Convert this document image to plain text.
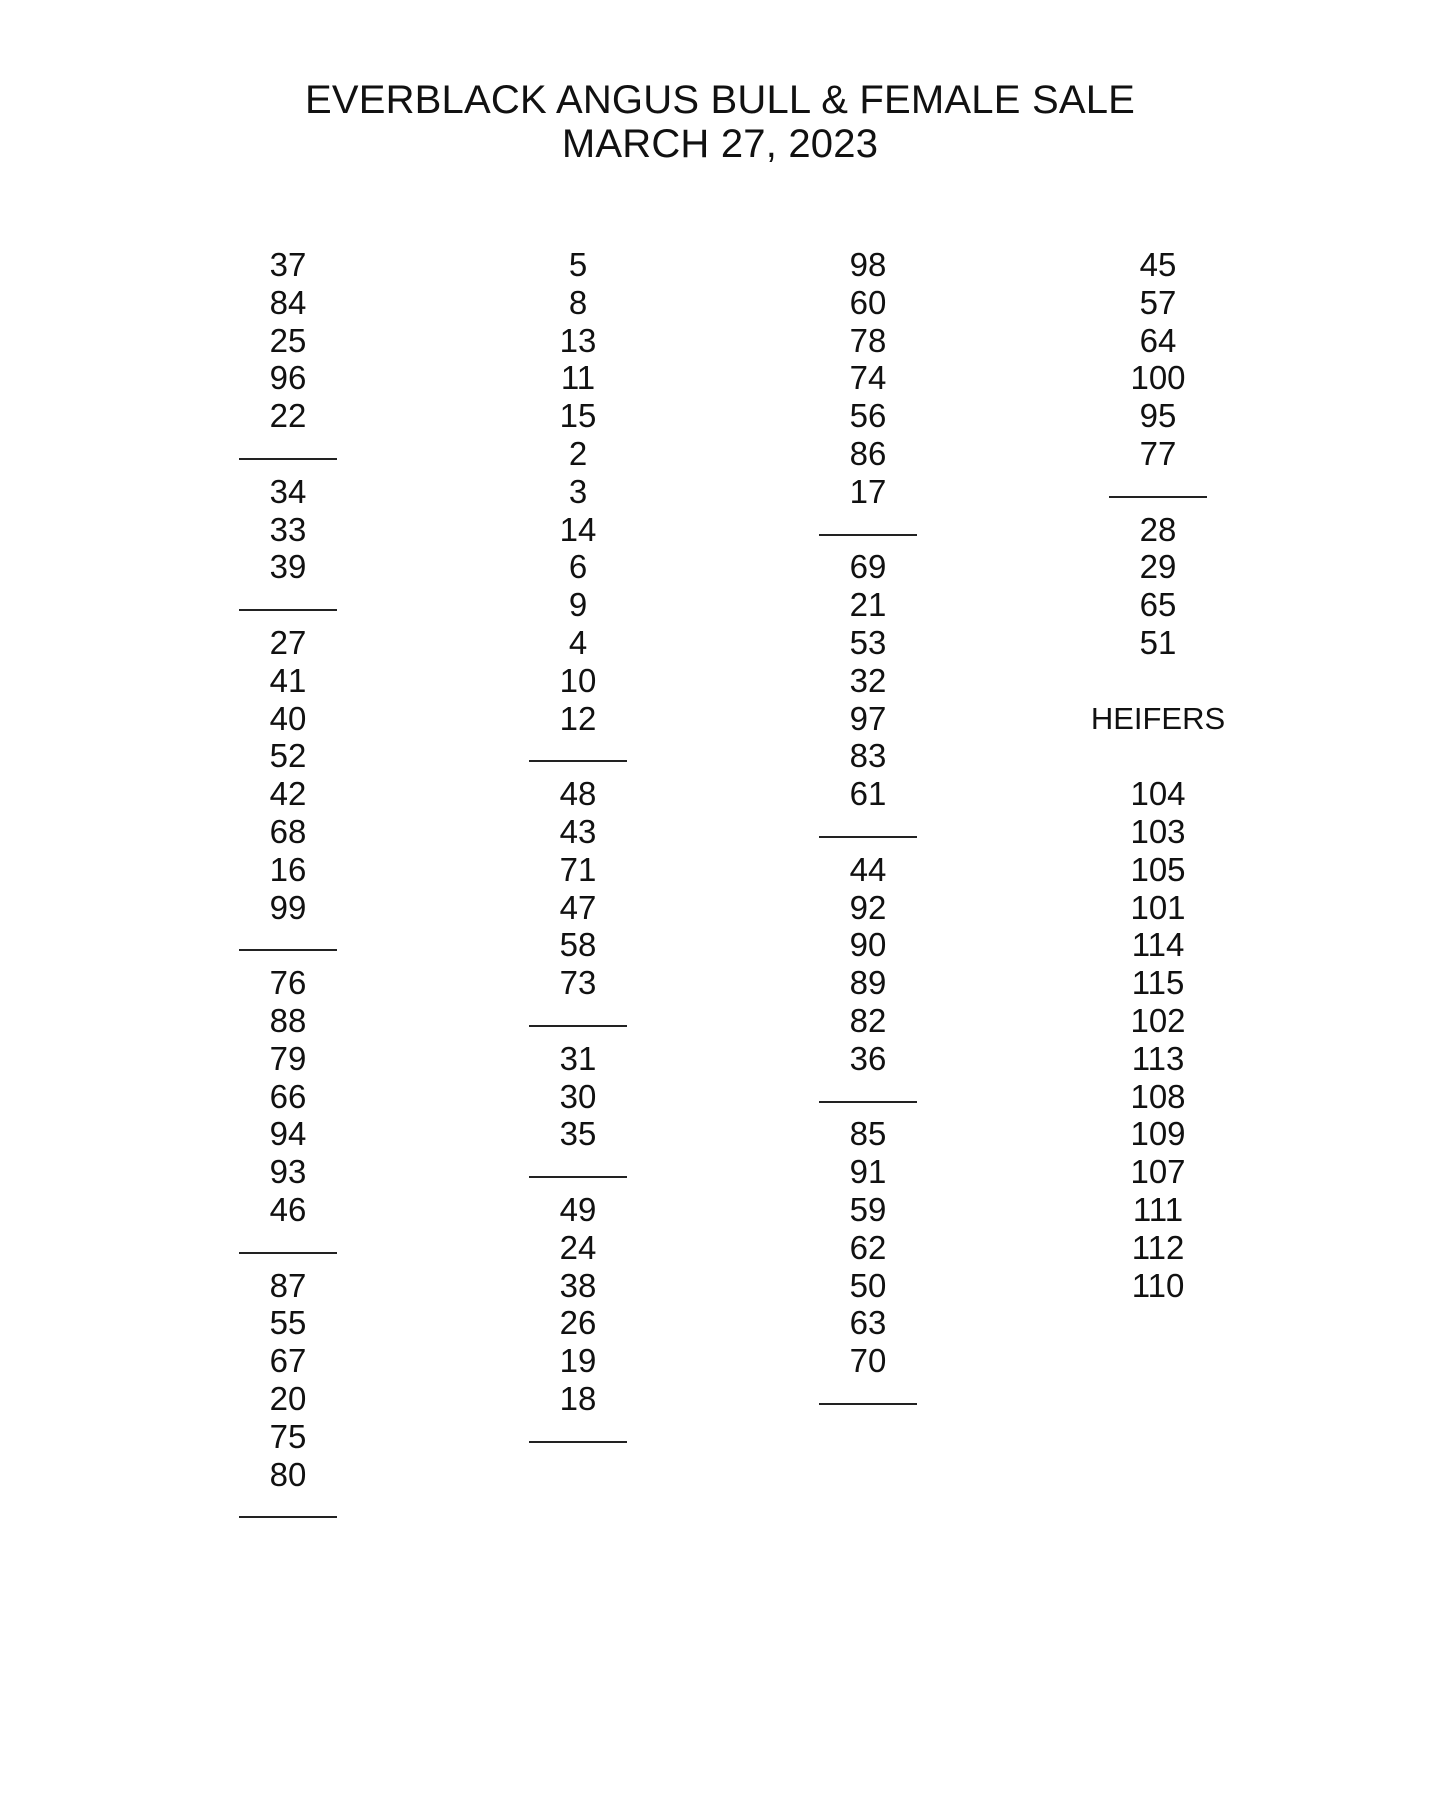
EVERBLACK ANGUS BULL & FEMALE SALE
MARCH 27, 2023
37
84
25
96
22
34
33
39
27
41
40
52
42
68
16
99
76
88
79
66
94
93
46
87
55
67
20
75
80
5
8
13
11
15
2
3
14
6
9
4
10
12
48
43
71
47
58
73
31
30
35
49
24
38
26
19
18
98
60
78
74
56
86
17
69
21
53
32
97
83
61
44
92
90
89
82
36
85
91
59
62
50
63
70
45
57
64
100
95
77
28
29
65
51
HEIFERS
104
103
105
101
114
115
102
113
108
109
107
111
112
110
